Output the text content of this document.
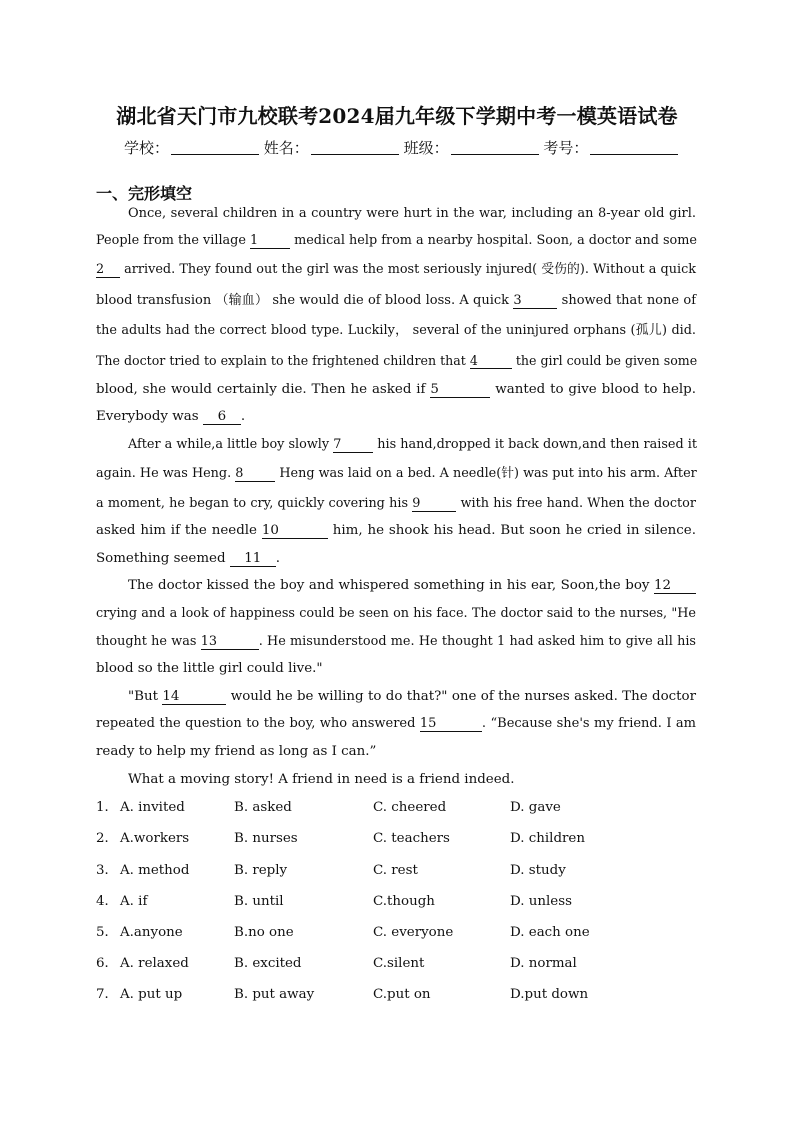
湖北省天门市九校联考2024届九年级下学期中考一模英语试卷
学校：	姓名：	班级：	考号：
一、完形填空
Once, several children in a country were hurt in the war, including an 8-year old girl.
People from the village 1	medical help from a nearby hospital. Soon, a doctor and some
2 arrived. They found out the girl was the most seriously injured( 受伤的). Without a quick
blood transfusion （输血） she would die of blood loss. A quick 3	showed that none of
the adults had the correct blood type. Luckily， several of the uninjured orphans (孤儿) did.
The doctor tried to explain to the frightened children that 4	the girl could be given some
blood, she would certainly die. Then he asked if 5	wanted to give blood to help.
Everybody was 6 .
After a while,a little boy slowly 7	his hand,dropped it back down,and then raised it
again. He was Heng. 8	Heng was laid on a bed. A needle(针) was put into his arm. After
a moment, he began to cry, quickly covering his 9	with his free hand. When the doctor
asked him if the needle 10	him, he shook his head. But soon he cried in silence.
Something seemed 11 .
The doctor kissed the boy and whispered something in his ear, Soon,the boy 12
crying and a look of happiness could be seen on his face. The doctor said to the nurses, "He
thought he was 13	. He misunderstood me. He thought 1 had asked him to give all his
blood so the little girl could live."
"But 14	would he be willing to do that?" one of the nurses asked. The doctor
repeated the question to the boy, who answered 15	. “Because she's my friend. I am
ready to help my friend as long as I can.”
What a moving story! A friend in need is a friend indeed.
1． A. invited	B. asked	C. cheered	D. gave
2． A.workers	B. nurses	C. teachers	D. children
3． A. method	B. reply	C. rest	D. study
4． A. if	B. until	C.though	D. unless
5． A.anyone	B.no one	C. everyone	D. each one
6． A. relaxed	B. excited	C.silent	D. normal
7． A. put up	B. put away	C.put on	D.put down
